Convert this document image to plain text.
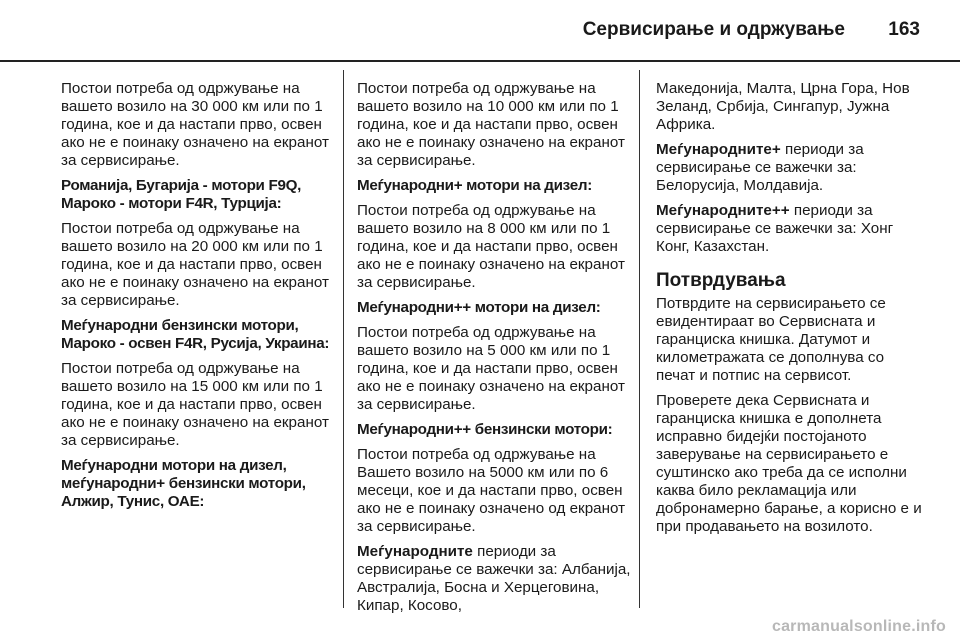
Сервисирање и одржување 163

Постои потреба од одржување на вашето возило на 30 000 км или по 1 година, кое и да настапи прво, освен ако не е поинаку означено на екранот за сервисирање.

Романија, Бугарија - мотори F9Q, Мароко - мотори F4R, Турција:

Постои потреба од одржување на вашето возило на 20 000 км или по 1 година, кое и да настапи прво, освен ако не е поинаку означено на екранот за сервисирање.

Меѓународни бензински мотори, Мароко - освен F4R, Русија, Украина:

Постои потреба од одржување на вашето возило на 15 000 км или по 1 година, кое и да настапи прво, освен ако не е поинаку означено на екранот за сервисирање.

Меѓународни мотори на дизел, меѓународни+ бензински мотори, Алжир, Тунис, ОАЕ:

Постои потреба од одржување на вашето возило на 10 000 км или по 1 година, кое и да настапи прво, освен ако не е поинаку означено на екранот за сервисирање.

Меѓународни+ мотори на дизел:

Постои потреба од одржување на вашето возило на 8 000 км или по 1 година, кое и да настапи прво, освен ако не е поинаку означено на екранот за сервисирање.

Меѓународни++ мотори на дизел:

Постои потреба од одржување на вашето возило на 5 000 км или по 1 година, кое и да настапи прво, освен ако не е поинаку означено на екранот за сервисирање.

Меѓународни++ бензински мотори:

Постои потреба од одржување на Вашето возило на 5000 км или по 6 месеци, кое и да настапи прво, освен ако не е поинаку означено од екранот за сервисирање.

Меѓународните периоди за сервисирање се важечки за: Албанија, Австралија, Босна и Херцеговина, Кипар, Косово,

Македонија, Малта, Црна Гора, Нов Зеланд, Србија, Сингапур, Јужна Африка.

Меѓународните+ периоди за сервисирање се важечки за: Белорусија, Молдавија.

Меѓународните++ периоди за сервисирање се важечки за: Хонг Конг, Казахстан.

Потврдувања

Потврдите на сервисирањето се евидентираат во Сервисната и гаранциска книшка. Датумот и километражата се дополнува со печат и потпис на сервисот.

Проверете дека Сервисната и гаранциска книшка е дополнета исправно бидејќи постојаното заверување на сервисирањето е суштинско ако треба да се исполни каква било рекламација или добронамерно барање, а корисно е и при продавањето на возилото.

carmanualsonline.info
